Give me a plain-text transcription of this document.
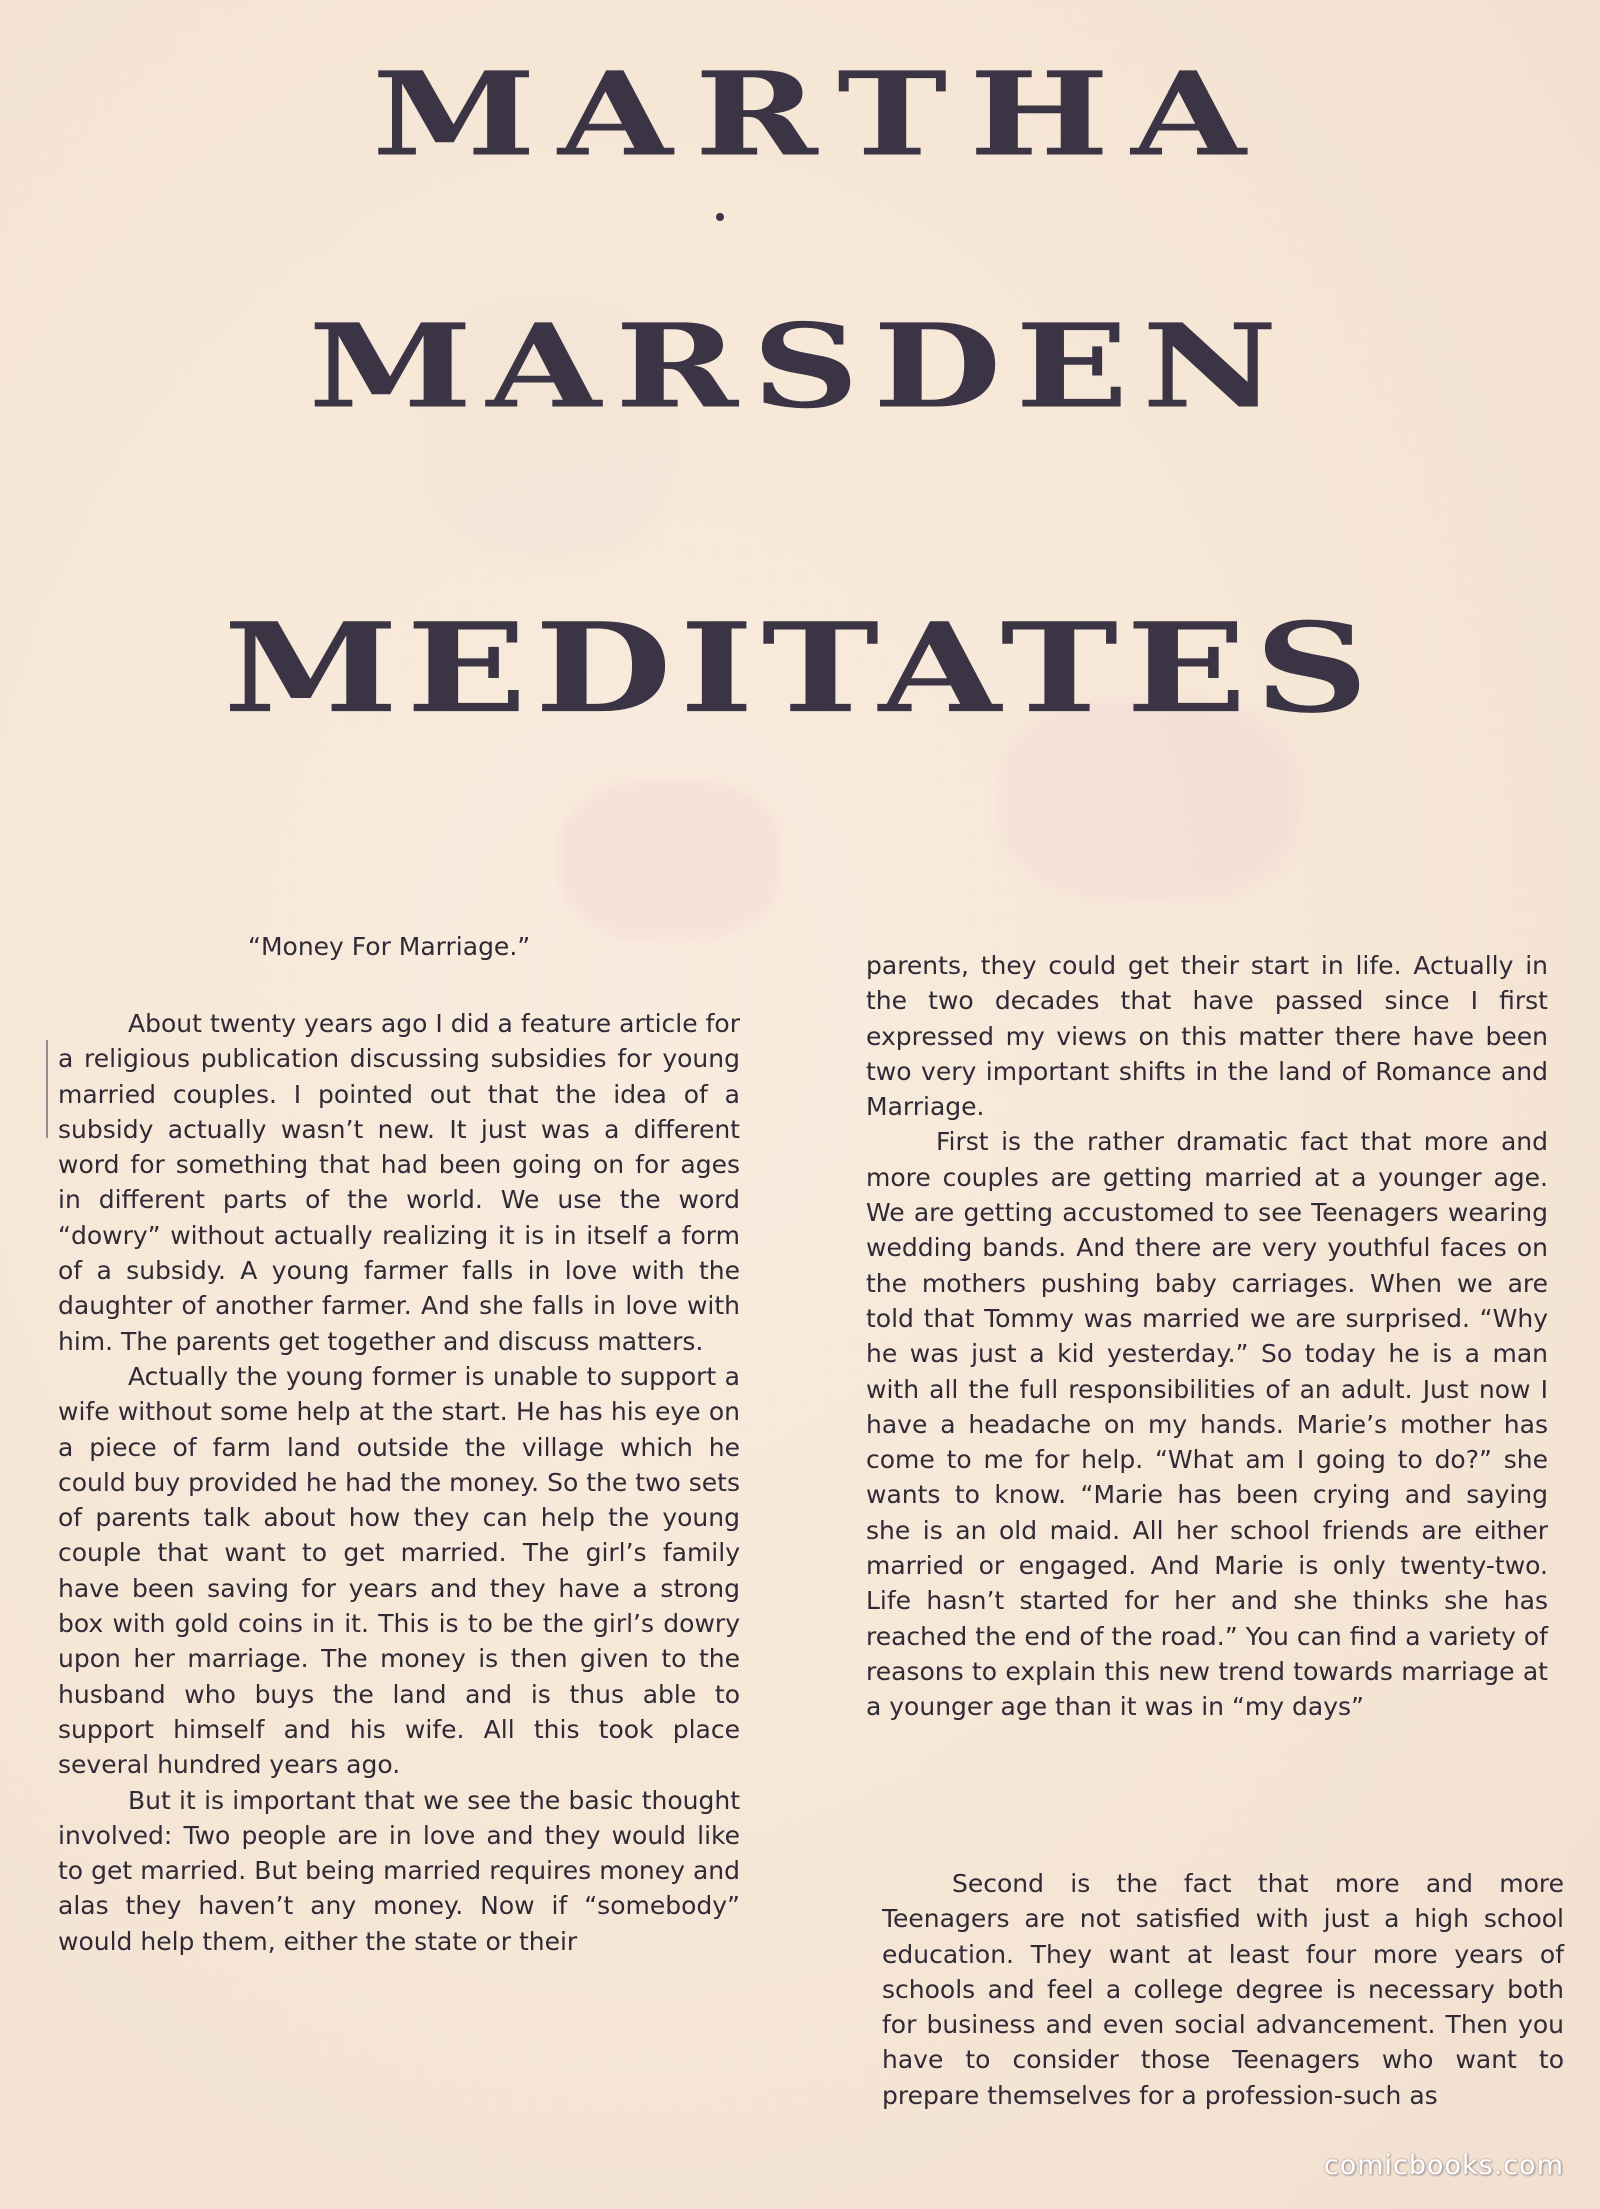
MARTHA
MARSDEN
MEDITATES
“Money For Marriage.”

About twenty years ago I did a feature article for a religious publication discussing subsidies for young married couples. I pointed out that the idea of a subsidy actually wasn’t new. It just was a different word for something that had been going on for ages in different parts of the world. We use the word “dowry” without actually realizing it is in itself a form of a subsidy. A young farmer falls in love with the daughter of another farmer. And she falls in love with him. The parents get together and discuss matters.

Actually the young former is unable to support a wife without some help at the start. He has his eye on a piece of farm land outside the village which he could buy provided he had the money. So the two sets of parents talk about how they can help the young couple that want to get married. The girl’s family have been saving for years and they have a strong box with gold coins in it. This is to be the girl’s dowry upon her marriage. The money is then given to the husband who buys the land and is thus able to support himself and his wife. All this took place several hundred years ago.

But it is important that we see the basic thought involved: Two people are in love and they would like to get married. But being married requires money and alas they haven’t any money. Now if “somebody” would help them, either the state or their

parents, they could get their start in life. Actually in the two decades that have passed since I first expressed my views on this matter there have been two very important shifts in the land of Romance and Marriage.

First is the rather dramatic fact that more and more couples are getting married at a younger age. We are getting accustomed to see Teenagers wearing wedding bands. And there are very youthful faces on the mothers pushing baby carriages. When we are told that Tommy was married we are surprised. “Why he was just a kid yesterday.” So today he is a man with all the full responsibilities of an adult. Just now I have a headache on my hands. Marie’s mother has come to me for help. “What am I going to do?” she wants to know. “Marie has been crying and saying she is an old maid. All her school friends are either married or engaged. And Marie is only twenty-two. Life hasn’t started for her and she thinks she has reached the end of the road.” You can find a variety of reasons to explain this new trend towards marriage at a younger age than it was in “my days”

Second is the fact that more and more Teenagers are not satisfied with just a high school education. They want at least four more years of schools and feel a college degree is necessary both for business and even social advancement. Then you have to consider those Teenagers who want to prepare themselves for a profession-such as

comicbooks.com
